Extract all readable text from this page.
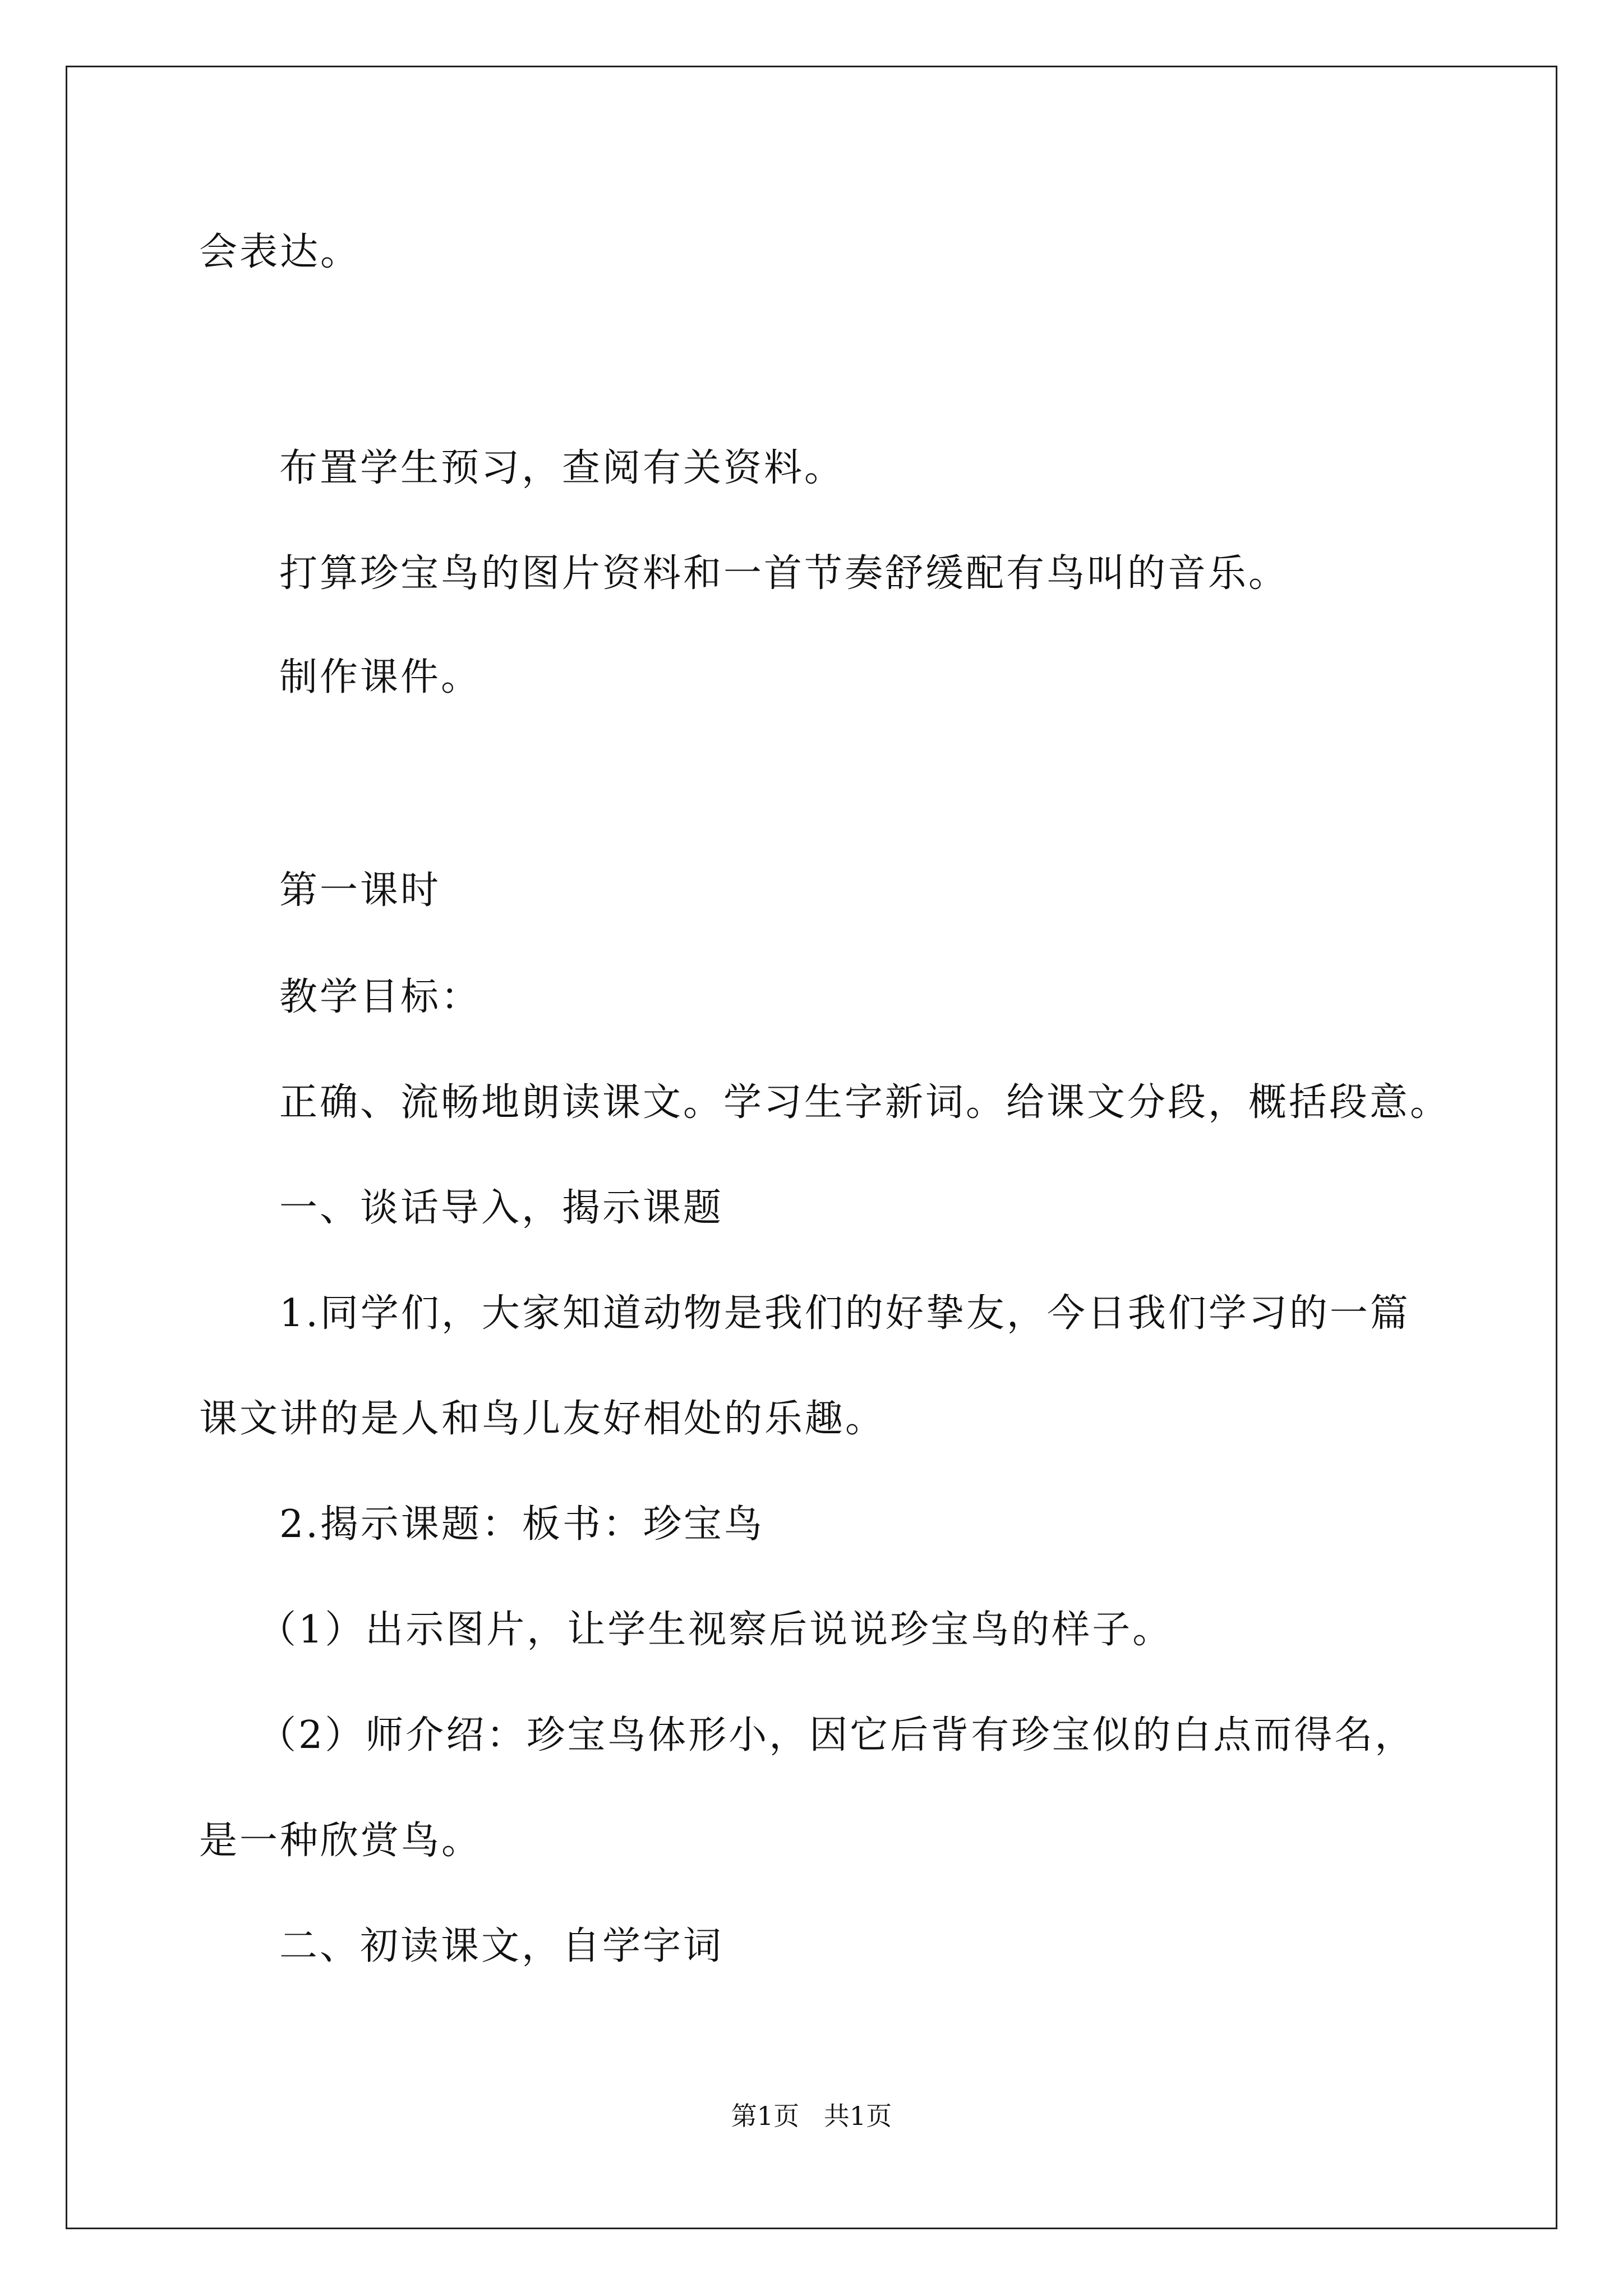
会表达。
布置学生预习，查阅有关资料。
打算珍宝鸟的图片资料和一首节奏舒缓配有鸟叫的音乐。
制作课件。
第一课时
教学目标：
正确、流畅地朗读课文。学习生字新词。给课文分段，概括段意。
一、谈话导入，揭示课题
1.同学们，大家知道动物是我们的好挚友，今日我们学习的一篇
课文讲的是人和鸟儿友好相处的乐趣。
2.揭示课题：板书：珍宝鸟
（1）出示图片，让学生视察后说说珍宝鸟的样子。
（2）师介绍：珍宝鸟体形小，因它后背有珍宝似的白点而得名，
是一种欣赏鸟。
二、初读课文，自学字词
第1页   共1页
